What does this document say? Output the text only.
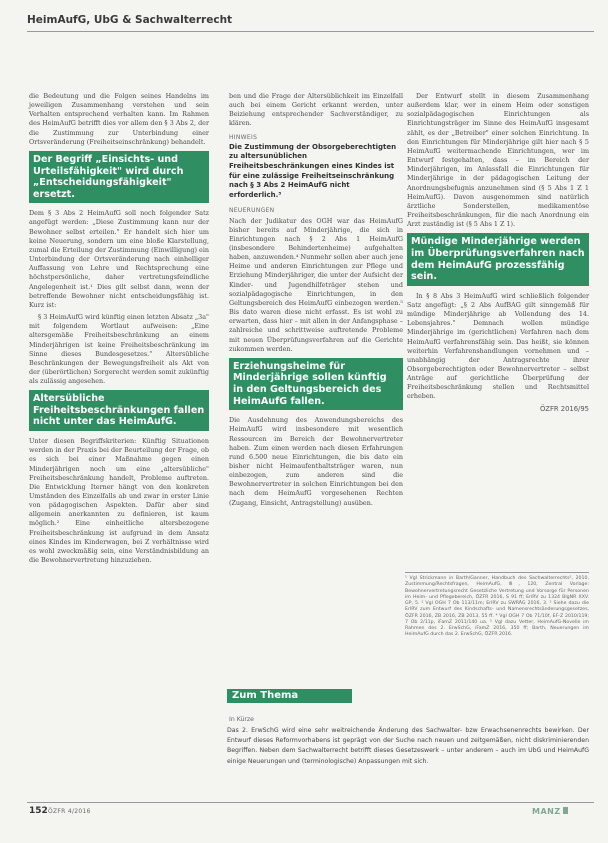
HeimAufG, UbG & Sachwalterrecht

die Bedeutung und die Folgen seines Handelns im jeweiligen Zusammenhang verstehen und sein Verhalten entsprechend verhalten kann. Im Rahmen des HeimAufG betrifft dies vor allem den § 3 Abs 2, der die Zustimmung zur Unterbindung einer Ortsveränderung (Freiheitseinschränkung) behandelt.

Der Begriff „Einsichts- und Urteilsfähigkeit" wird durch „Entscheidungsfähigkeit" ersetzt.

Dem § 3 Abs 2 HeimAufG soll noch folgender Satz angefügt werden: „Diese Zustimmung kann nur der Bewohner selbst erteilen." Er handelt sich hier um keine Neuerung, sondern um eine bloße Klarstellung, zumal die Erteilung der Zustimmung (Einwilligung) ein Unterbindung der Ortsveränderung nach einhelliger Auffassung von Lehre und Rechtsprechung eine höchstpersönliche, daher vertretungsfeindliche Angelegenheit ist.¹ Dies gilt selbst dann, wenn der betreffende Bewohner nicht entscheidungsfähig ist. Kurz ist:

§ 3 HeimAufG wird künftig einen letzten Absatz „3a" mit folgendem Wortlaut aufweisen: „Eine altersgemäße Freiheitsbeschränkung an einem Minderjährigen ist keine Freiheitsbeschränkung im Sinne dieses Bundesgesetzes." Altersübliche Beschränkungen der Bewegungsfreiheit als Akt von der (überörtlichen) Sorgerecht werden somit zukünftig als zulässig angesehen.

Altersübliche Freiheitsbeschränkungen fallen nicht unter das HeimAufG.

Unter diesen Begriffskriterien: Künftig Situationen werden in der Praxis bei der Beurteilung der Frage, ob es sich bei einer Maßnahme gegen einen Minderjährigen noch um eine „altersübliche" Freiheitsbeschränkung handelt, Probleme auftreten. Die Entwicklung Iterner hängt von den konkreten Umständen des Einzelfalls ab und zwar in erster Linie von pädagogischen Aspekten. Dafür aber sind allgemein anerkannten zu definieren, ist kaum möglich.² Eine einheitliche altersbezogene Freiheitsbeschränkung ist aufgrund in dem Ansatz eines Kindes im Kinderwagen, bei Z verhältnisse wird es wohl zweckmäßig sein, eine Verständnisbildung an die Bewohnervertretung hinzuziehen.

ben und die Frage der Altersüblichkeit im Einzelfall auch bei einem Gericht erkannt werden, unter Beiziehung entsprechender Sachverständiger, zu klären.

HINWEIS
Die Zustimmung der Obsorgeberechtigten zu altersunüblichen Freiheitsbeschränkungen eines Kindes ist für eine zulässige Freiheitseinschränkung nach § 3 Abs 2 HeimAufG nicht erforderlich.³
NEUERUNGEN

Nach der Judikatur des OGH war das HeimAufG bisher bereits auf Minderjährige, die sich in Einrichtungen nach § 2 Abs 1 HeimAufG (insbesondere Behindertenheime) aufgehalten haben, anzuwenden.⁴ Nunmehr sollen aber auch jene Heime und anderen Einrichtungen zur Pflege und Erziehung Minderjähriger, die unter der Aufsicht der Kinder- und Jugendhilfeträger stehen und sozialpädagogische Einrichtungen, in den Geltungsbereich des HeimAufG einbezogen werden.⁵ Bis dato waren diese nicht erfasst. Es ist wohl zu erwarten, dass hier – mit allen in der Anfangsphase – zahlreiche und schrittweise auftretende Probleme mit neuen Überprüfungsverfahren auf die Gerichte zukommen werden.

Erziehungsheime für Minderjährige sollen künftig in den Geltungsbereich des HeimAufG fallen.

Die Ausdehnung des Anwendungsbereichs des HeimAufG wird insbesondere mit wesentlich Ressourcen im Bereich der Bewohnervertreter haben. Zum einen werden nach diesen Erfahrungen rund 6.500 neue Einrichtungen, die bis dato ein bisher nicht Heimaufenthaltsträger waren, nun einbezogen, zum anderen sind die Bewohnervertreter in solchen Einrichtungen bei den nach dem HeimAufG vorgesehenen Rechten (Zugang, Einsicht, Antragstellung) ausüben.

Der Entwurf stellt in diesem Zusammenhang außerdem klar, wer in einem Heim oder sonstigen sozialpädagogischen Einrichtungen als Einrichtungsträger im Sinne des HeimAufG insgesamt zählt, es der „Betreiber" einer solchen Einrichtung. In den Einrichtungen für Minderjährige gilt hier nach § 5 HeimAufG weitermachende Einrichtungen, wer im Entwurf festgehalten, dass – im Bereich der Minderjährigen, im Anlassfall die Einrichtungen für Minderjährige in der pädagogischen Leitung der Anordnungsbefugnis anzunehmen sind (§ 5 Abs 1 Z 1 HeimAufG). Davon ausgenommen sind natürlich ärztliche Sonderstellen, medikamentöse Freiheitsbeschränkungen, für die nach Anordnung ein Arzt zuständig ist (§ 5 Abs 1 Z 1).

Mündige Minderjährige werden im Überprüfungsverfahren nach dem HeimAufG prozessfähig sein.

In § 8 Abs 3 HeimAufG wird schließlich folgender Satz angefügt: „§ 2 Abs AufBAG gilt sinngemäß für mündige Minderjährige ab Vollendung des 14. Lebensjahres." Demnach wollen mündige Minderjährige im (gerichtlichen) Verfahren nach dem HeimAufG verfahrensfähig sein. Das heißt, sie können weiterhin Verfahrenshandlungen vornehmen und – unabhängig der Antragsrechte ihrer Obsorgeberechtigten oder Bewohnervertreter – selbst Anträge auf gerichtliche Überprüfung der Freiheitsbeschränkung stellen und Rechtsmittel erheben.

ÖZFR 2016/95
¹ Vgl Strickmann in Barth/Ganner, Handbuch des Sachwalterrechts², 2010, Zustimmung/Rechtsfragen, HeimAufG, Ⅲ, 120, Zentral Vorlage: Bewohnervertretungsrecht Gesetzliche Vertretung und Vorsorge für Personen im Heim- und Pflegebereich, ÖZFR 2016, S 91 ff; ErlRV zu 1324 BlgNR XXV. GP, 5. ² Vgl OGH 7 Ob 113/11m; ErlRV zu SWRÄG 2016, 3. ³ Siehe dazu die ErlRV zum Entwurf des Kindschafts- und Namensrechtsänderungsgesetzes, ÖZFR 2016, ZB 2016, ZB 2013, 55 ff. ⁴ Vgl OGH 7 Ob 71/10f, EF-Z 2010/119; 7 Ob 2/11p, iFamZ 2011/140 ua. ⁵ Vgl dazu Vetter, HeimAufG-Novelle im Rahmen des 2. ErwSchG, iFamZ 2016, 350 ff; Barth, Neuerungen im HeimAufG durch das 2. ErwSchG, ÖZFR 2016.
Zum Thema
In Kürze
Das 2. ErwSchG wird eine sehr weitreichende Änderung des Sachwalter- bzw Erwachsenenrechts bewirken. Der Entwurf dieses Reformvorhabens ist geprägt von der Suche nach neuen und zeitgemäßen, nicht diskriminierenden Begriffen. Neben dem Sachwalterrecht betrifft dieses Gesetzeswerk – unter anderem – auch im UbG und HeimAufG einige Neuerungen und (terminologische) Anpassungen mit sich.
152 ÖZFR 4/2016	MANZ
